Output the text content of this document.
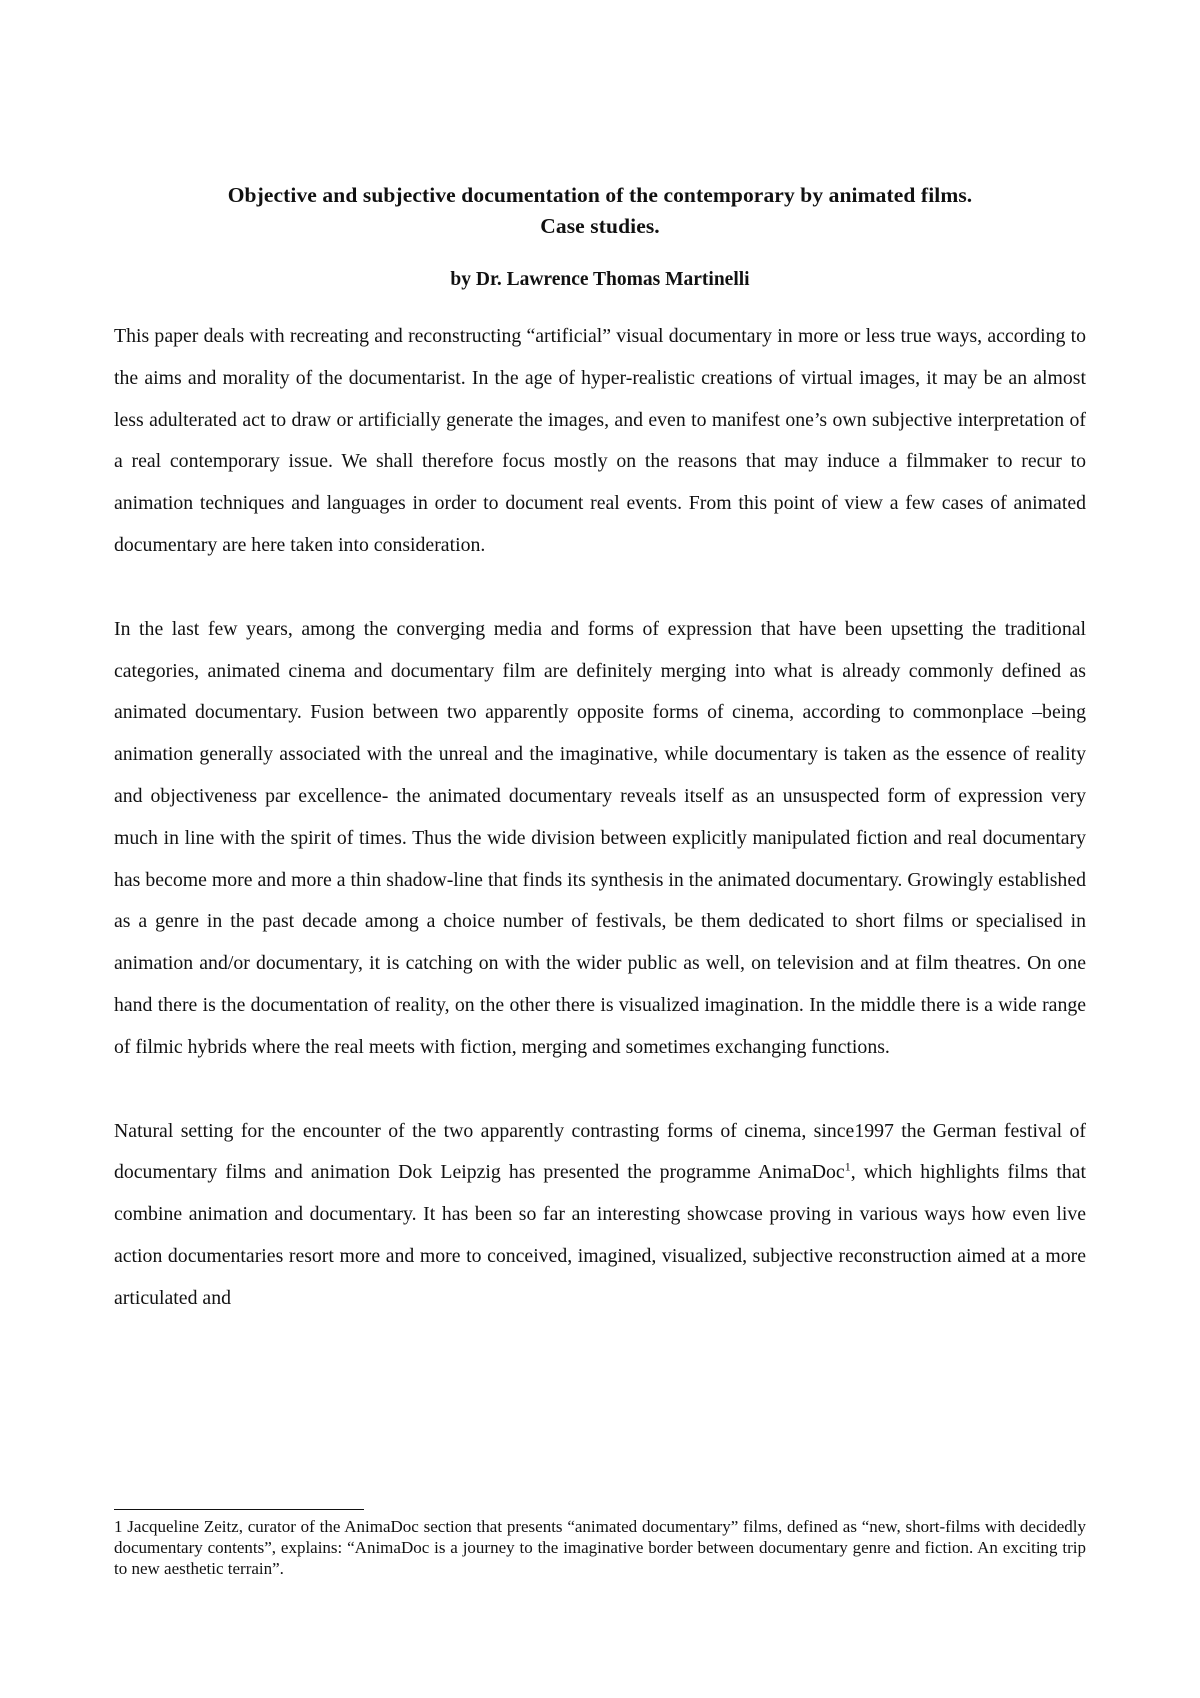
Objective and subjective documentation of the contemporary by animated films.
Case studies.

by Dr. Lawrence Thomas Martinelli

This paper deals with recreating and reconstructing “artificial” visual documentary in more or less true ways, according to the aims and morality of the documentarist. In the age of hyper-realistic creations of virtual images, it may be an almost less adulterated act to draw or artificially generate the images, and even to manifest one’s own subjective interpretation of a real contemporary issue. We shall therefore focus mostly on the reasons that may induce a filmmaker to recur to animation techniques and languages in order to document real events. From this point of view a few cases of animated documentary are here taken into consideration.

In the last few years, among the converging media and forms of expression that have been upsetting the traditional categories, animated cinema and documentary film are definitely merging into what is already commonly defined as animated documentary. Fusion between two apparently opposite forms of cinema, according to commonplace –being animation generally associated with the unreal and the imaginative, while documentary is taken as the essence of reality and objectiveness par excellence- the animated documentary reveals itself as an unsuspected form of expression very much in line with the spirit of times. Thus the wide division between explicitly manipulated fiction and real documentary has become more and more a thin shadow-line that finds its synthesis in the animated documentary. Growingly established as a genre in the past decade among a choice number of festivals, be them dedicated to short films or specialised in animation and/or documentary, it is catching on with the wider public as well, on television and at film theatres. On one hand there is the documentation of reality, on the other there is visualized imagination. In the middle there is a wide range of filmic hybrids where the real meets with fiction, merging and sometimes exchanging functions.

Natural setting for the encounter of the two apparently contrasting forms of cinema, since1997 the German festival of documentary films and animation Dok Leipzig has presented the programme AnimaDoc$^1$, which highlights films that combine animation and documentary. It has been so far an interesting showcase proving in various ways how even live action documentaries resort more and more to conceived, imagined, visualized, subjective reconstruction aimed at a more articulated and

1 Jacqueline Zeitz, curator of the AnimaDoc section that presents “animated documentary” films, defined as “new, short-films with decidedly documentary contents”, explains: “AnimaDoc is a journey to the imaginative border between documentary genre and fiction. An exciting trip to new aesthetic terrain”.
